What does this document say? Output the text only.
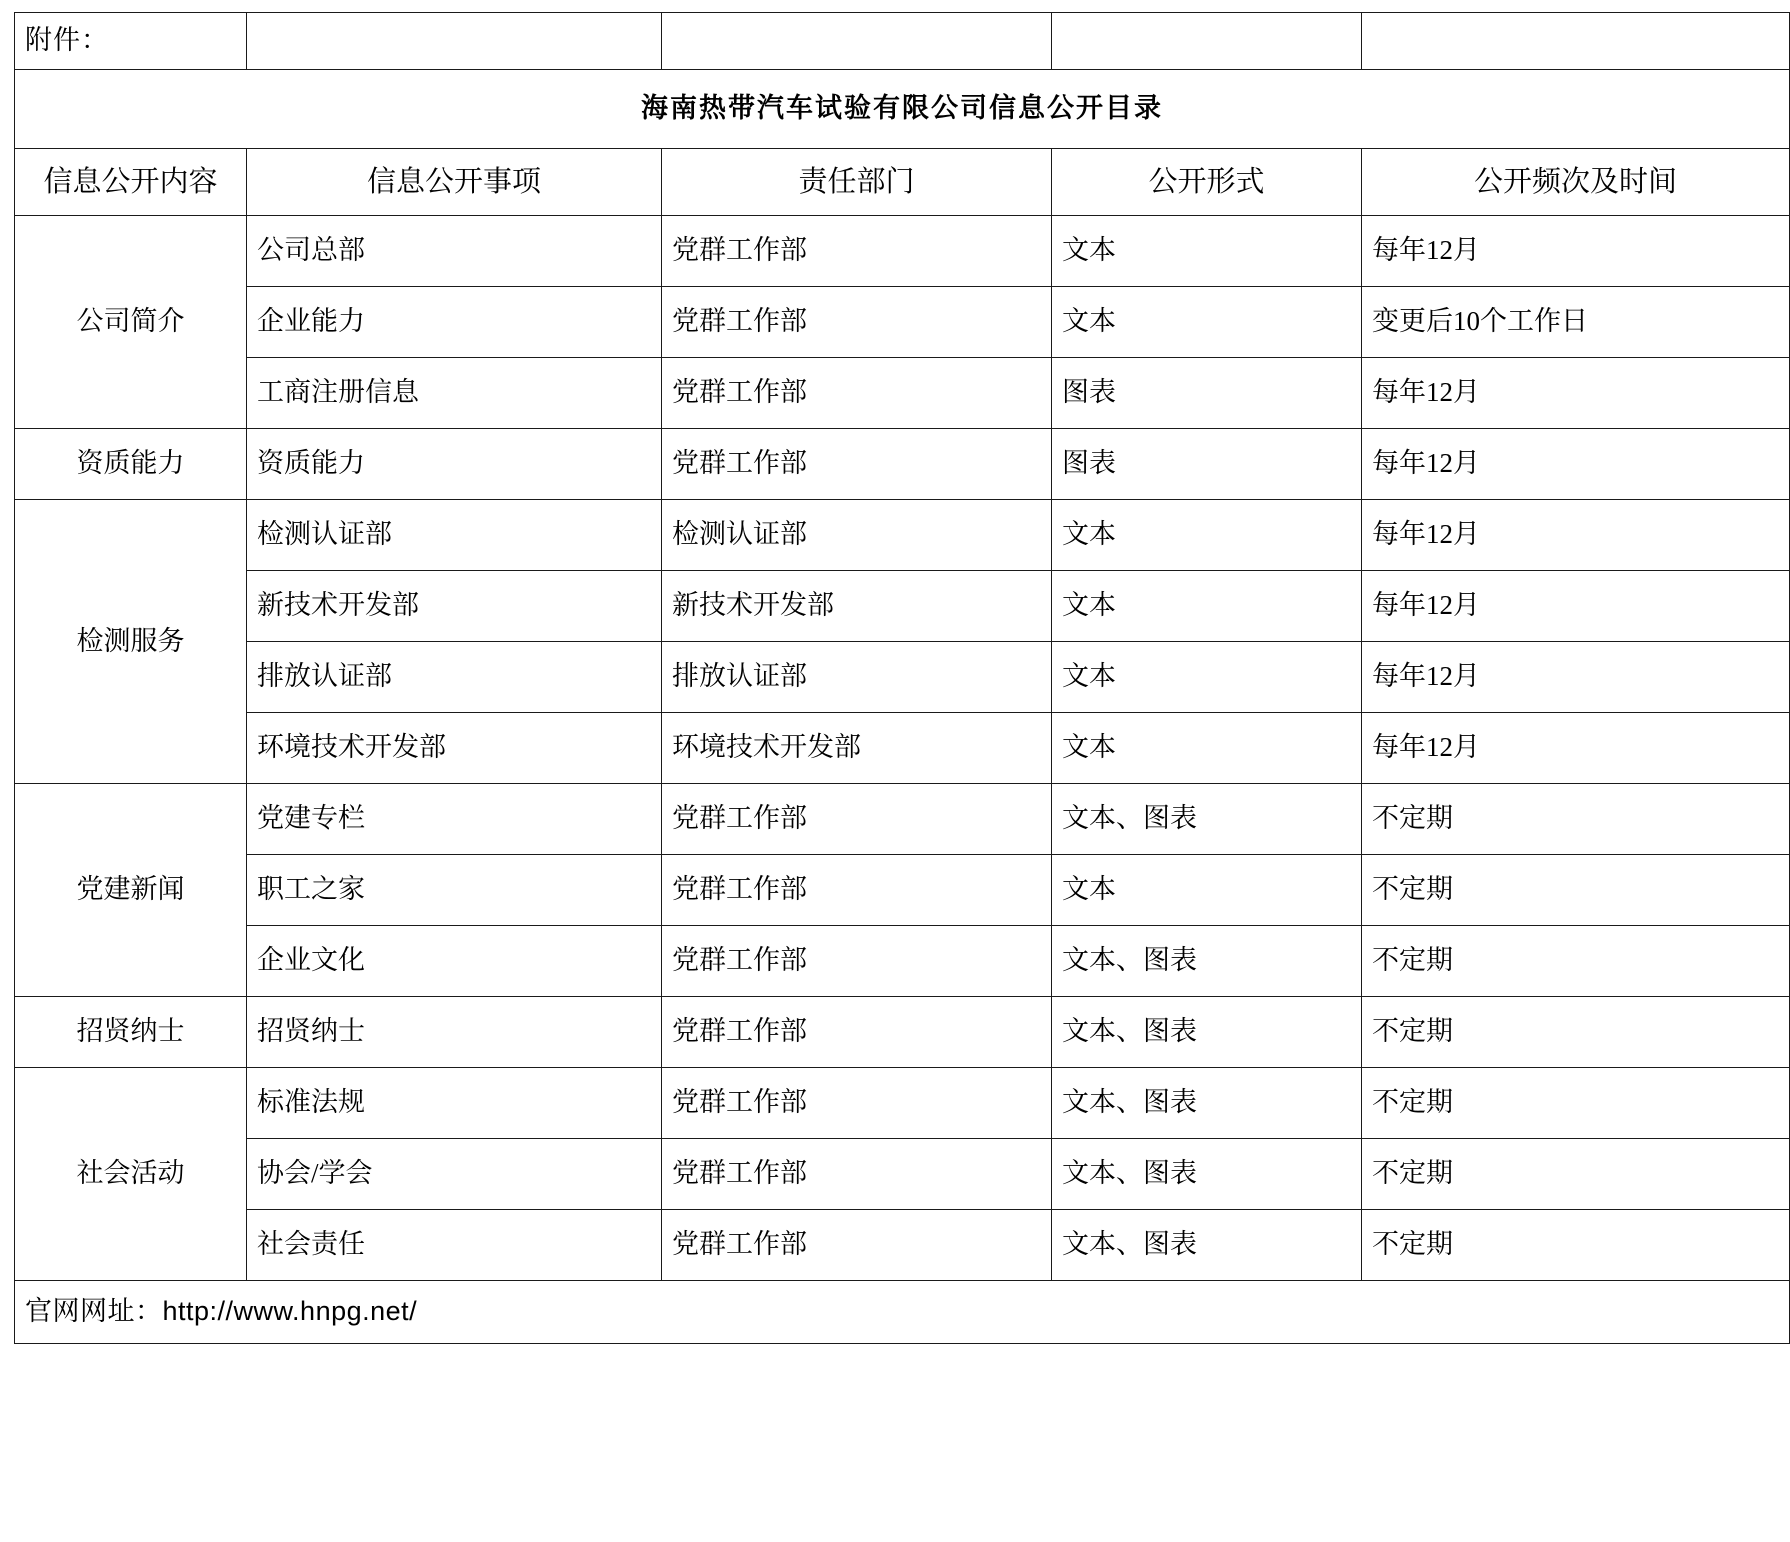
附件：				
海南热带汽车试验有限公司信息公开目录				
信息公开内容	信息公开事项	责任部门	公开形式	公开频次及时间
公司简介	公司总部	党群工作部	文本	每年12月
	企业能力	党群工作部	文本	变更后10个工作日
	工商注册信息	党群工作部	图表	每年12月
资质能力	资质能力	党群工作部	图表	每年12月
检测服务	检测认证部	检测认证部	文本	每年12月
	新技术开发部	新技术开发部	文本	每年12月
	排放认证部	排放认证部	文本	每年12月
	环境技术开发部	环境技术开发部	文本	每年12月
党建新闻	党建专栏	党群工作部	文本、图表	不定期
	职工之家	党群工作部	文本	不定期
	企业文化	党群工作部	文本、图表	不定期
招贤纳士	招贤纳士	党群工作部	文本、图表	不定期
社会活动	标准法规	党群工作部	文本、图表	不定期
	协会/学会	党群工作部	文本、图表	不定期
	社会责任	党群工作部	文本、图表	不定期
官网网址：http://www.hnpg.net/				
